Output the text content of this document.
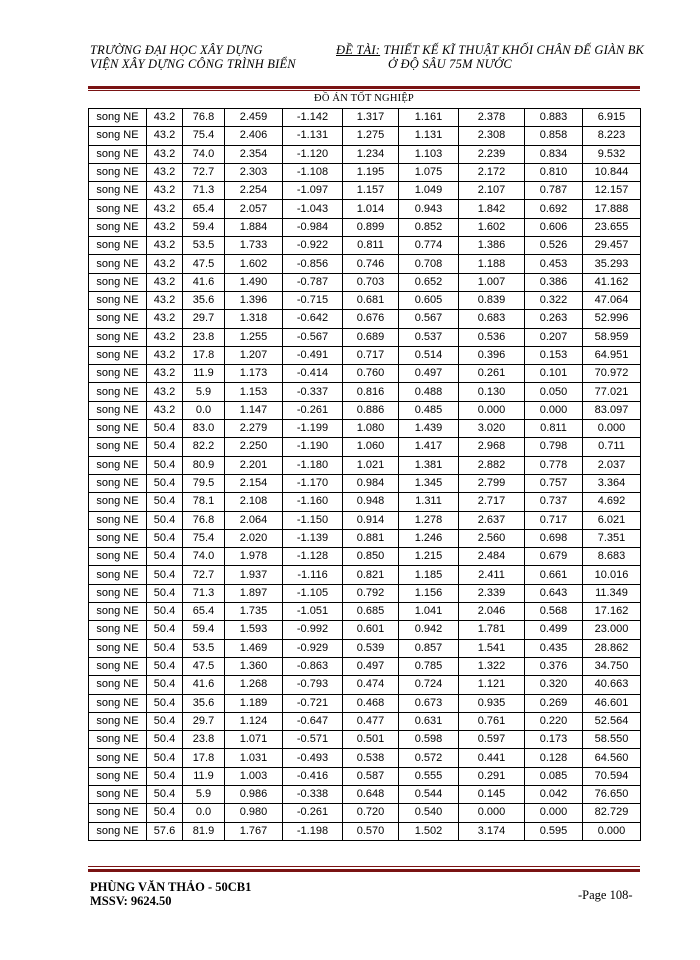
TRƯỜNG ĐẠI HỌC XÂY DỰNG
VIỆN XÂY DỰNG CÔNG TRÌNH BIỂN
ĐỀ TÀI: THIẾT KẾ KĨ THUẬT KHỐI CHÂN ĐẾ GIÀN BK
Ở ĐỘ SÂU 75M NƯỚC
ĐỒ ÁN TỐT NGHIỆP
song NE	43.2	76.8	2.459	-1.142	1.317	1.161	2.378	0.883	6.915
song NE	43.2	75.4	2.406	-1.131	1.275	1.131	2.308	0.858	8.223
song NE	43.2	74.0	2.354	-1.120	1.234	1.103	2.239	0.834	9.532
song NE	43.2	72.7	2.303	-1.108	1.195	1.075	2.172	0.810	10.844
song NE	43.2	71.3	2.254	-1.097	1.157	1.049	2.107	0.787	12.157
song NE	43.2	65.4	2.057	-1.043	1.014	0.943	1.842	0.692	17.888
song NE	43.2	59.4	1.884	-0.984	0.899	0.852	1.602	0.606	23.655
song NE	43.2	53.5	1.733	-0.922	0.811	0.774	1.386	0.526	29.457
song NE	43.2	47.5	1.602	-0.856	0.746	0.708	1.188	0.453	35.293
song NE	43.2	41.6	1.490	-0.787	0.703	0.652	1.007	0.386	41.162
song NE	43.2	35.6	1.396	-0.715	0.681	0.605	0.839	0.322	47.064
song NE	43.2	29.7	1.318	-0.642	0.676	0.567	0.683	0.263	52.996
song NE	43.2	23.8	1.255	-0.567	0.689	0.537	0.536	0.207	58.959
song NE	43.2	17.8	1.207	-0.491	0.717	0.514	0.396	0.153	64.951
song NE	43.2	11.9	1.173	-0.414	0.760	0.497	0.261	0.101	70.972
song NE	43.2	5.9	1.153	-0.337	0.816	0.488	0.130	0.050	77.021
song NE	43.2	0.0	1.147	-0.261	0.886	0.485	0.000	0.000	83.097
song NE	50.4	83.0	2.279	-1.199	1.080	1.439	3.020	0.811	0.000
song NE	50.4	82.2	2.250	-1.190	1.060	1.417	2.968	0.798	0.711
song NE	50.4	80.9	2.201	-1.180	1.021	1.381	2.882	0.778	2.037
song NE	50.4	79.5	2.154	-1.170	0.984	1.345	2.799	0.757	3.364
song NE	50.4	78.1	2.108	-1.160	0.948	1.311	2.717	0.737	4.692
song NE	50.4	76.8	2.064	-1.150	0.914	1.278	2.637	0.717	6.021
song NE	50.4	75.4	2.020	-1.139	0.881	1.246	2.560	0.698	7.351
song NE	50.4	74.0	1.978	-1.128	0.850	1.215	2.484	0.679	8.683
song NE	50.4	72.7	1.937	-1.116	0.821	1.185	2.411	0.661	10.016
song NE	50.4	71.3	1.897	-1.105	0.792	1.156	2.339	0.643	11.349
song NE	50.4	65.4	1.735	-1.051	0.685	1.041	2.046	0.568	17.162
song NE	50.4	59.4	1.593	-0.992	0.601	0.942	1.781	0.499	23.000
song NE	50.4	53.5	1.469	-0.929	0.539	0.857	1.541	0.435	28.862
song NE	50.4	47.5	1.360	-0.863	0.497	0.785	1.322	0.376	34.750
song NE	50.4	41.6	1.268	-0.793	0.474	0.724	1.121	0.320	40.663
song NE	50.4	35.6	1.189	-0.721	0.468	0.673	0.935	0.269	46.601
song NE	50.4	29.7	1.124	-0.647	0.477	0.631	0.761	0.220	52.564
song NE	50.4	23.8	1.071	-0.571	0.501	0.598	0.597	0.173	58.550
song NE	50.4	17.8	1.031	-0.493	0.538	0.572	0.441	0.128	64.560
song NE	50.4	11.9	1.003	-0.416	0.587	0.555	0.291	0.085	70.594
song NE	50.4	5.9	0.986	-0.338	0.648	0.544	0.145	0.042	76.650
song NE	50.4	0.0	0.980	-0.261	0.720	0.540	0.000	0.000	82.729
song NE	57.6	81.9	1.767	-1.198	0.570	1.502	3.174	0.595	0.000
PHÙNG VĂN THẢO - 50CB1
MSSV: 9624.50	-Page 108-
